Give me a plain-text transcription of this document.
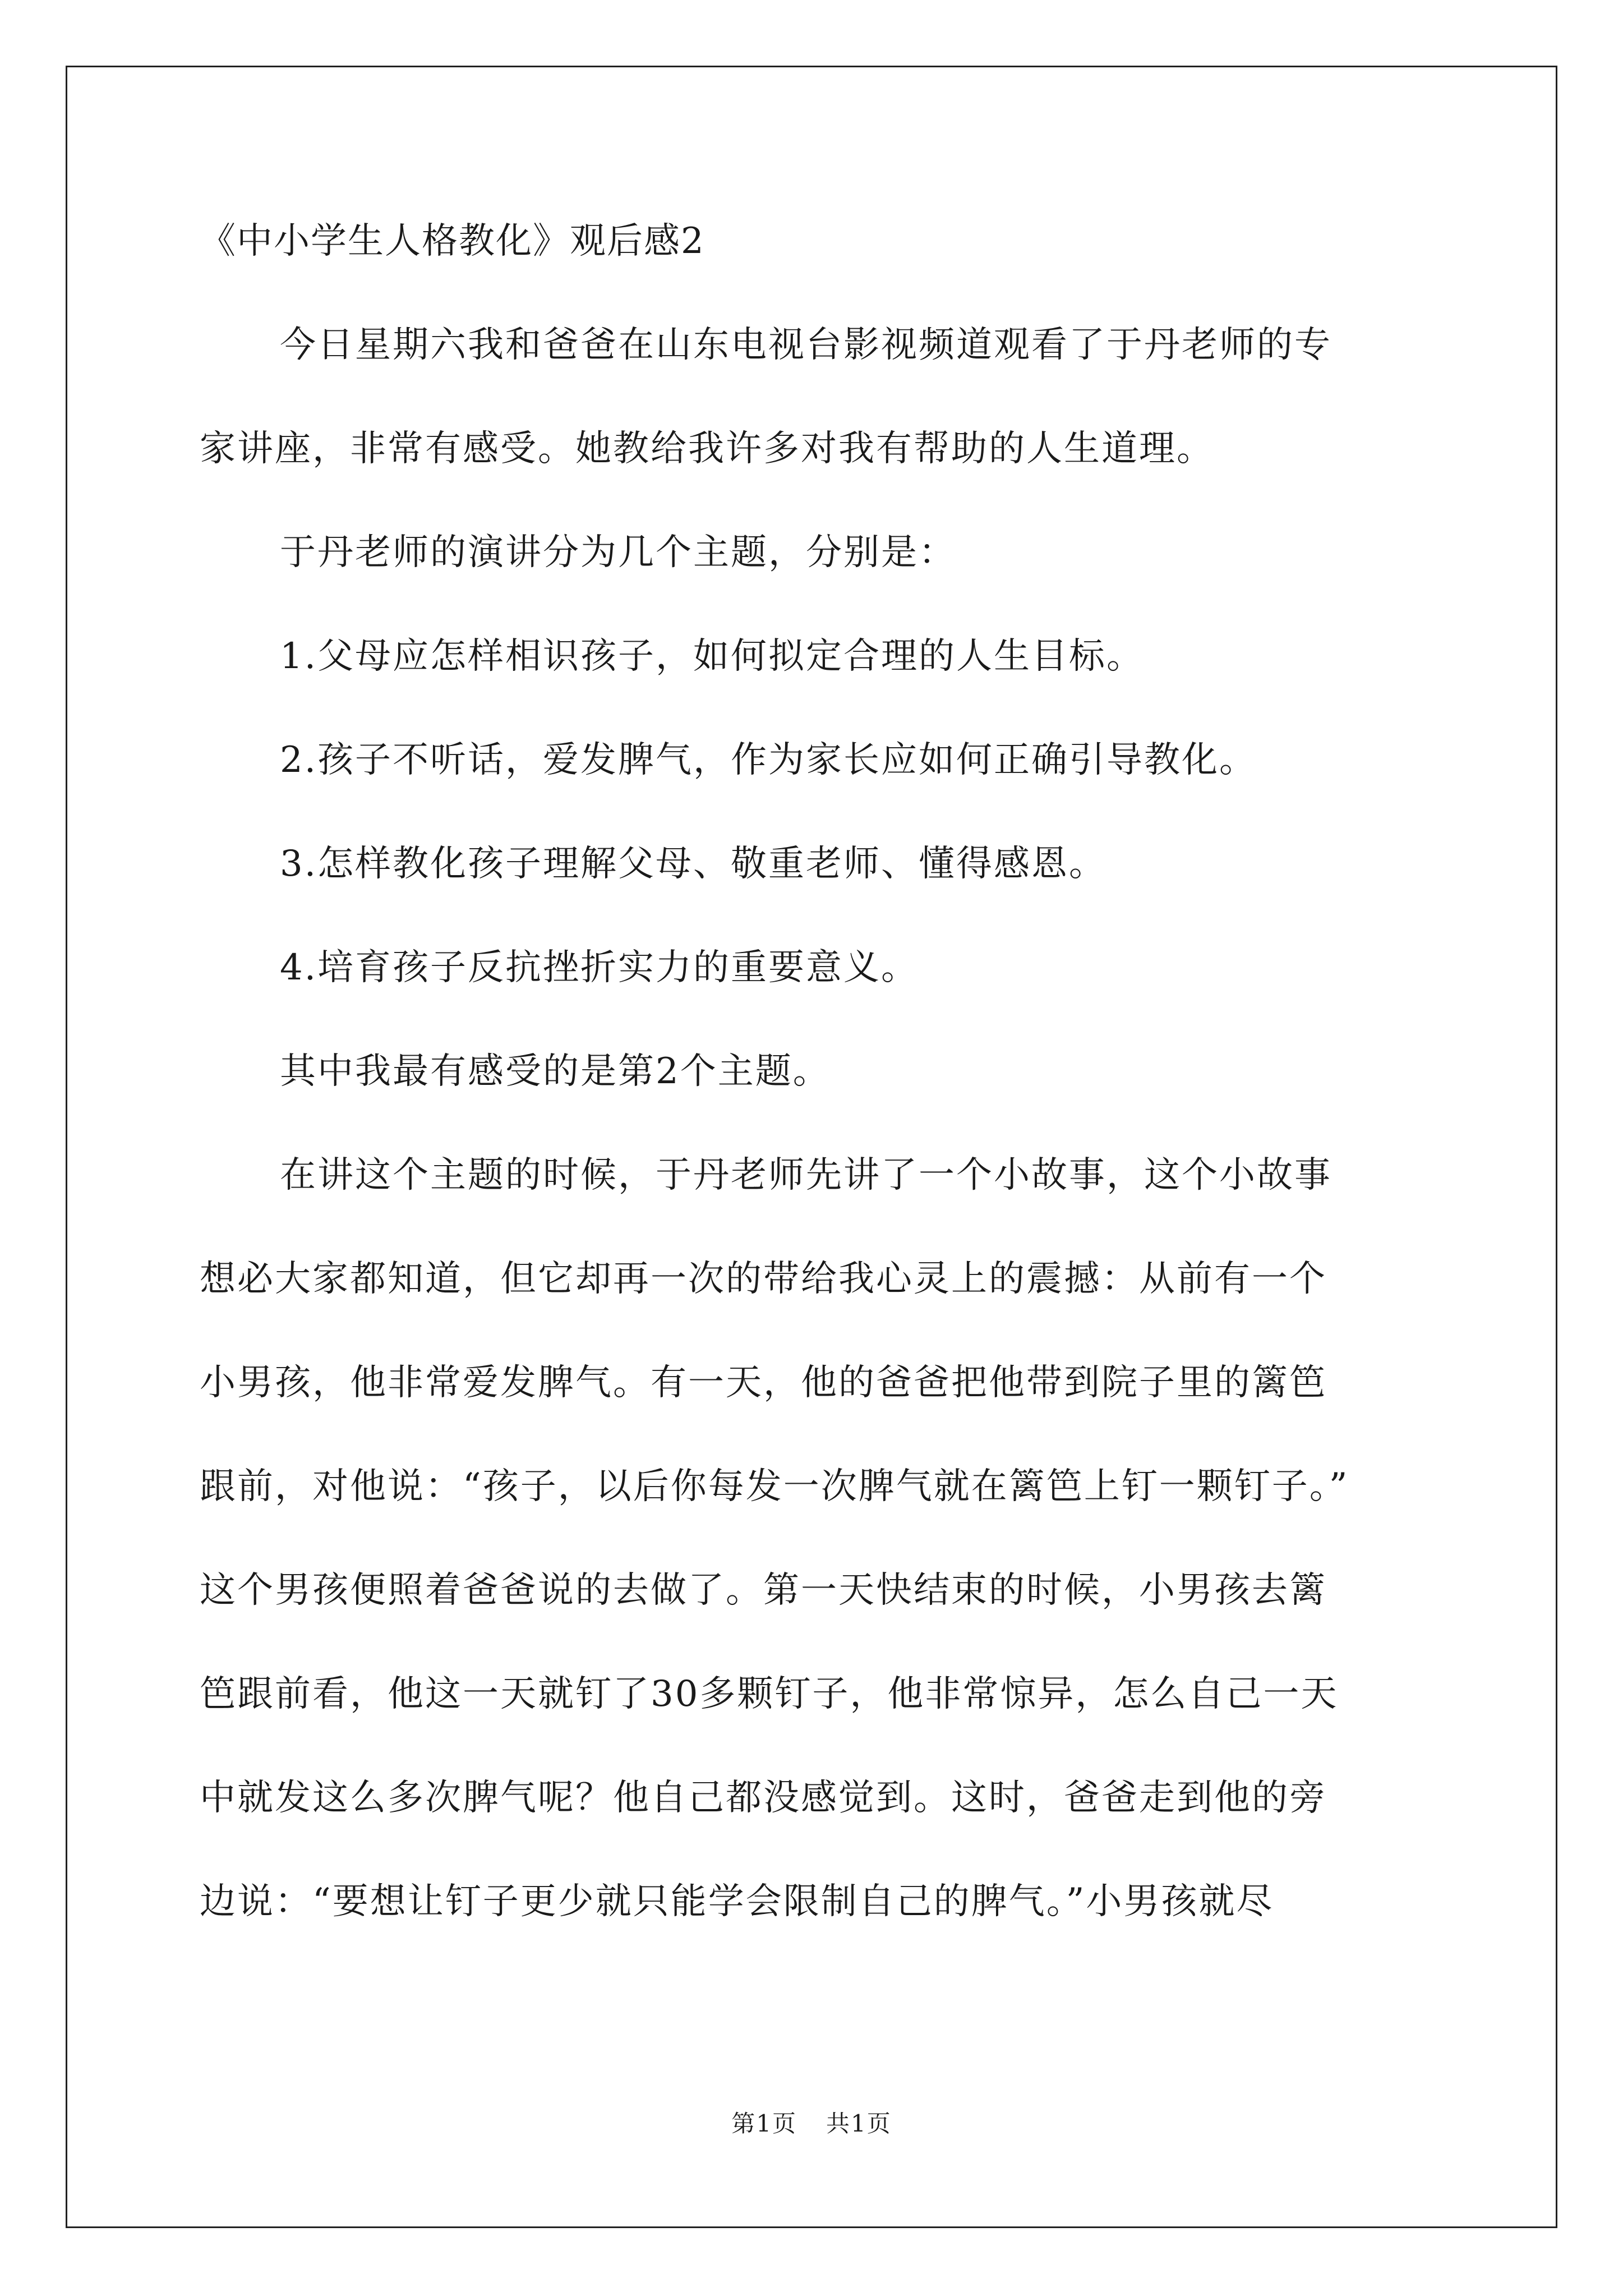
《中小学生人格教化》观后感2
今日星期六我和爸爸在山东电视台影视频道观看了于丹老师的专
家讲座，非常有感受。她教给我许多对我有帮助的人生道理。
于丹老师的演讲分为几个主题，分别是：
1.父母应怎样相识孩子，如何拟定合理的人生目标。
2.孩子不听话，爱发脾气，作为家长应如何正确引导教化。
3.怎样教化孩子理解父母、敬重老师、懂得感恩。
4.培育孩子反抗挫折实力的重要意义。
其中我最有感受的是第2个主题。
在讲这个主题的时候，于丹老师先讲了一个小故事，这个小故事
想必大家都知道，但它却再一次的带给我心灵上的震撼：从前有一个
小男孩，他非常爱发脾气。有一天，他的爸爸把他带到院子里的篱笆
跟前，对他说：“孩子，以后你每发一次脾气就在篱笆上钉一颗钉子。”
这个男孩便照着爸爸说的去做了。第一天快结束的时候，小男孩去篱
笆跟前看，他这一天就钉了30多颗钉子，他非常惊异，怎么自己一天
中就发这么多次脾气呢？他自己都没感觉到。这时，爸爸走到他的旁
边说：“要想让钉子更少就只能学会限制自己的脾气。”小男孩就尽
第1页 共1页
